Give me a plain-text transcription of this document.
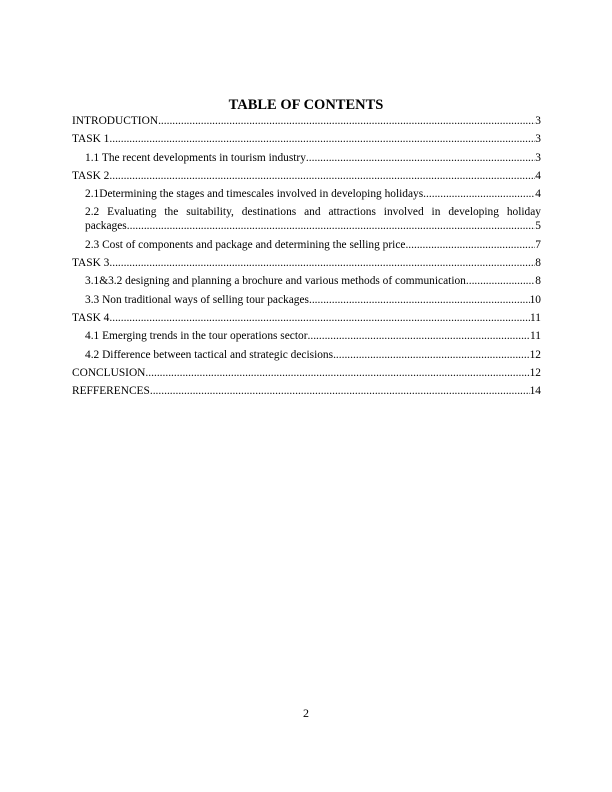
TABLE OF CONTENTS
INTRODUCTION .....	3
TASK 1 .....	3
1.1 The recent developments in tourism industry .....	3
TASK 2 .....	4
2.1Determining the stages and timescales involved in developing holidays .....	4
2.2 Evaluating the suitability, destinations and attractions involved in developing holiday
packages .....	5
2.3 Cost of components and package and determining the selling price .....	7
TASK 3 .....	8
3.1&3.2 designing and planning a brochure and various methods of communication .....	8
3.3 Non traditional ways of selling tour packages .....	10
TASK 4 .....	11
4.1 Emerging trends in the tour operations sector .....	11
4.2 Difference between tactical and strategic decisions .....	12
CONCLUSION .....	12
REFFERENCES .....	14
2
